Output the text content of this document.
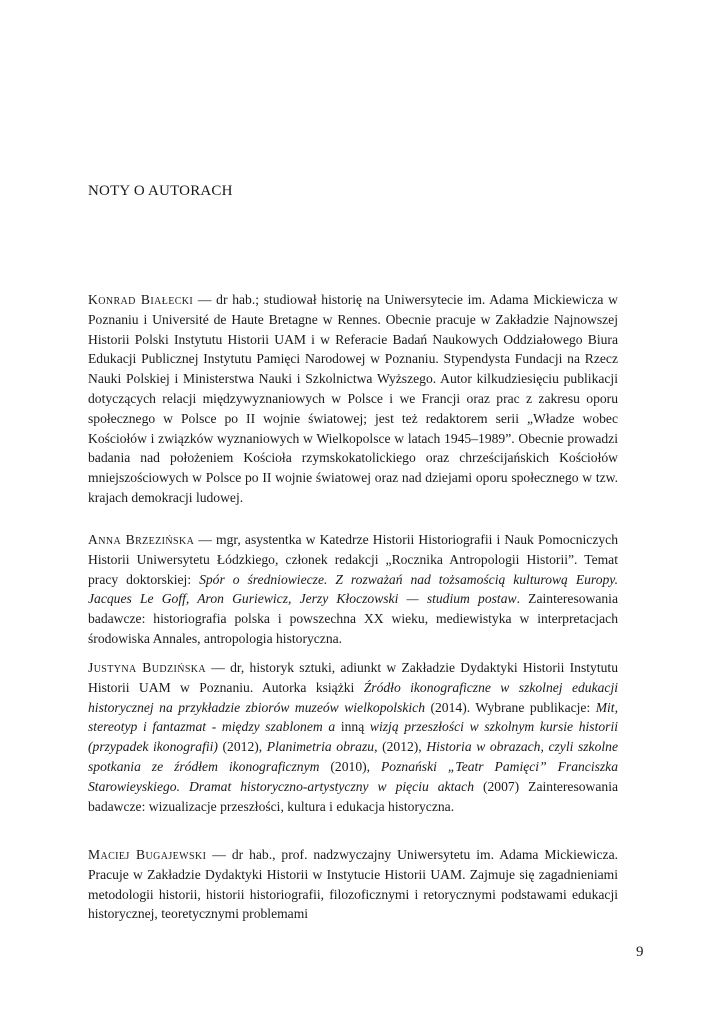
NOTY O AUTORACH
Konrad Białecki — dr hab.; studiował historię na Uniwersytecie im. Adama Mickiewicza w Poznaniu i Université de Haute Bretagne w Rennes. Obecnie pracuje w Zakładzie Najnowszej Historii Polski Instytutu Historii UAM i w Referacie Badań Naukowych Oddziałowego Biura Edukacji Publicznej Instytutu Pamięci Narodowej w Poznaniu. Stypendysta Fundacji na Rzecz Nauki Polskiej i Ministerstwa Nauki i Szkolnictwa Wyższego. Autor kilkudziesięciu publikacji dotyczących relacji międzywyznaniowych w Polsce i we Francji oraz prac z zakresu oporu społecznego w Polsce po II wojnie światowej; jest też redaktorem serii „Władze wobec Kościołów i związków wyznaniowych w Wielkopolsce w latach 1945–1989”. Obecnie prowadzi badania nad położeniem Kościoła rzymskokatolickiego oraz chrześcijańskich Kościołów mniejszościowych w Polsce po II wojnie światowej oraz nad dziejami oporu społecznego w tzw. krajach demokracji ludowej.
Anna Brzezińska — mgr, asystentka w Katedrze Historii Historiografii i Nauk Pomocniczych Historii Uniwersytetu Łódzkiego, członek redakcji „Rocznika Antropologii Historii”. Temat pracy doktorskiej: Spór o średniowiecze. Z rozważań nad tożsamością kulturową Europy. Jacques Le Goff, Aron Guriewicz, Jerzy Kłoczowski — studium postaw. Zainteresowania badawcze: historiografia polska i powszechna XX wieku, mediewistyka w interpretacjach środowiska Annales, antropologia historyczna.
Justyna Budzińska — dr, historyk sztuki, adiunkt w Zakładzie Dydaktyki Historii Instytutu Historii UAM w Poznaniu. Autorka książki Źródło ikonograficzne w szkolnej edukacji historycznej na przykładzie zbiorów muzeów wielkopolskich (2014). Wybrane publikacje: Mit, stereotyp i fantazmat - między szablonem a inną wizją przeszłości w szkolnym kursie historii (przypadek ikonografii) (2012), Planimetria obrazu, (2012), Historia w obrazach, czyli szkolne spotkania ze źródłem ikonograficznym (2010), Poznański „Teatr Pamięci” Franciszka Starowieyskiego. Dramat historyczno-artystyczny w pięciu aktach (2007) Zainteresowania badawcze: wizualizacje przeszłości, kultura i edukacja historyczna.
Maciej Bugajewski — dr hab., prof. nadzwyczajny Uniwersytetu im. Adama Mickiewicza. Pracuje w Zakładzie Dydaktyki Historii w Instytucie Historii UAM. Zajmuje się zagadnieniami metodologii historii, historii historiografii, filozoficznymi i retorycznymi podstawami edukacji historycznej, teoretycznymi problemami
9
